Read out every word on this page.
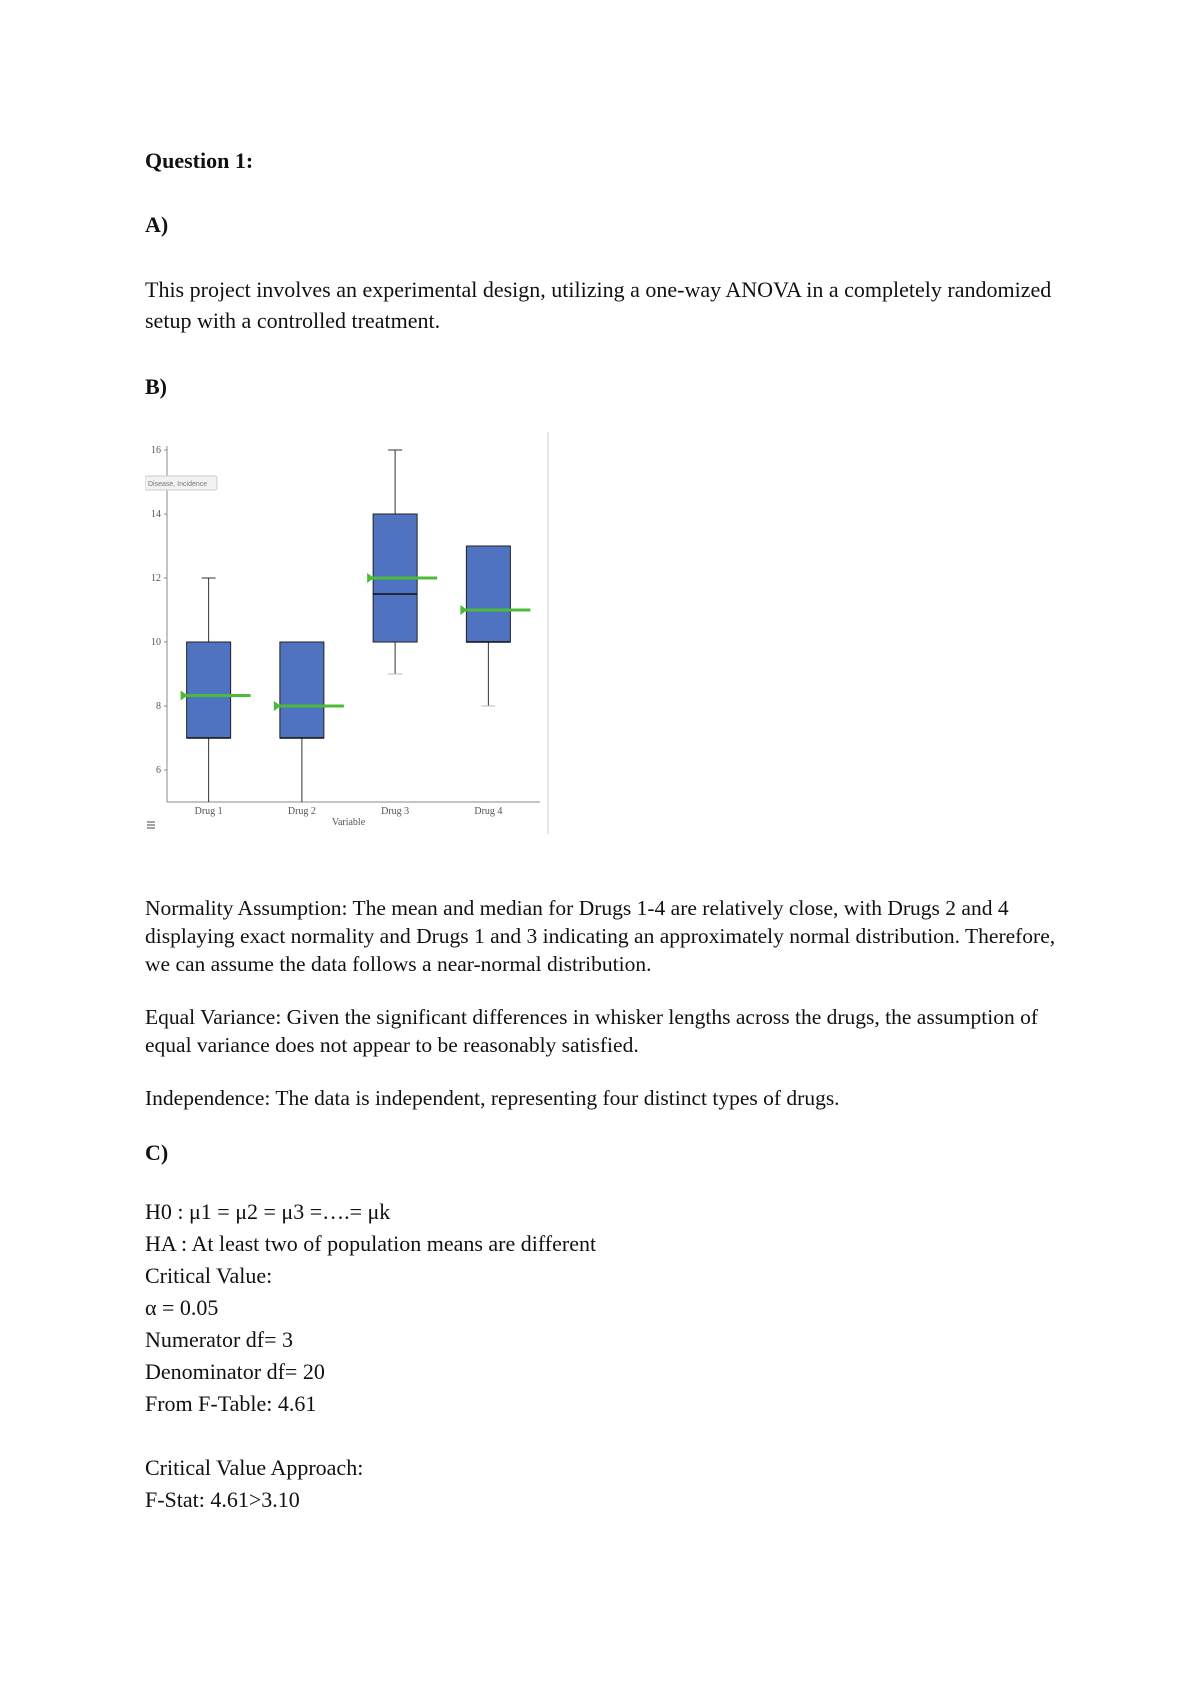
Question 1:

A)

This project involves an experimental design, utilizing a one-way ANOVA in a completely randomized setup with a controlled treatment.

B)

6
8
10
12
14
16
Drug 1	Drug 2	Drug 3	Drug 4
Variable
Disease, Incidence

Normality Assumption: The mean and median for Drugs 1-4 are relatively close, with Drugs 2 and 4 displaying exact normality and Drugs 1 and 3 indicating an approximately normal distribution. Therefore, we can assume the data follows a near-normal distribution.

Equal Variance: Given the significant differences in whisker lengths across the drugs, the assumption of equal variance does not appear to be reasonably satisfied.

Independence: The data is independent, representing four distinct types of drugs.

C)

H0 : μ1 = μ2 = μ3 =….= μk

HA : At least two of population means are different

Critical Value:

α = 0.05

Numerator df= 3

Denominator df= 20

From F-Table: 4.61

Critical Value Approach:

F-Stat: 4.61>3.10
